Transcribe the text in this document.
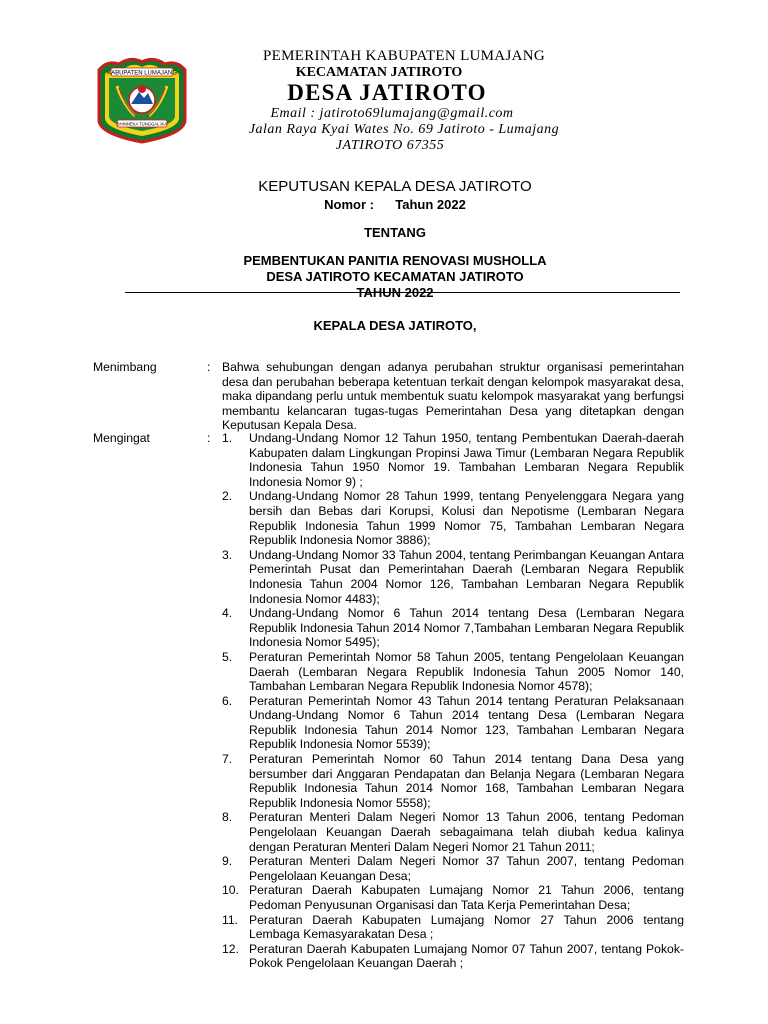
KABUPATEN LUMAJANG
BHINNEKA TUNGGAL IKA
PEMERINTAH KABUPATEN LUMAJANG
KECAMATAN JATIROTO
DESA JATIROTO
Email : jatiroto69lumajang@gmail.com
Jalan Raya Kyai Wates No. 69 Jatiroto - Lumajang
JATIROTO 67355
KEPUTUSAN KEPALA DESA JATIROTO
Nomor : Tahun 2022
TENTANG
PEMBENTUKAN PANITIA RENOVASI MUSHOLLA
DESA JATIROTO KECAMATAN JATIROTO
TAHUN 2022
KEPALA DESA JATIROTO,
Menimbang	: Bahwa sehubungan dengan adanya perubahan struktur organisasi pemerintahan desa dan perubahan beberapa ketentuan terkait dengan kelompok masyarakat desa, maka dipandang perlu untuk membentuk suatu kelompok masyarakat yang berfungsi membantu kelancaran tugas-tugas Pemerintahan Desa yang ditetapkan dengan Keputusan Kepala Desa.
Mengingat	: 1. Undang-Undang Nomor 12 Tahun 1950, tentang Pembentukan Daerah-daerah Kabupaten dalam Lingkungan Propinsi Jawa Timur (Lembaran Negara Republik Indonesia Tahun 1950 Nomor 19. Tambahan Lembaran Negara Republik Indonesia Nomor 9) ;
2. Undang-Undang Nomor 28 Tahun 1999, tentang Penyelenggara Negara yang bersih dan Bebas dari Korupsi, Kolusi dan Nepotisme (Lembaran Negara Republik Indonesia Tahun 1999 Nomor 75, Tambahan Lembaran Negara Republik Indonesia Nomor 3886);
3. Undang-Undang Nomor 33 Tahun 2004, tentang Perimbangan Keuangan Antara Pemerintah Pusat dan Pemerintahan Daerah (Lembaran Negara Republik Indonesia Tahun 2004 Nomor 126, Tambahan Lembaran Negara Republik Indonesia Nomor 4483);
4. Undang-Undang Nomor 6 Tahun 2014 tentang Desa (Lembaran Negara Republik Indonesia Tahun 2014 Nomor 7,Tambahan Lembaran Negara Republik Indonesia Nomor 5495);
5. Peraturan Pemerintah Nomor 58 Tahun 2005, tentang Pengelolaan Keuangan Daerah (Lembaran Negara Republik Indonesia Tahun 2005 Nomor 140, Tambahan Lembaran Negara Republik Indonesia Nomor 4578);
6. Peraturan Pemerintah Nomor 43 Tahun 2014 tentang Peraturan Pelaksanaan Undang-Undang Nomor 6 Tahun 2014 tentang Desa (Lembaran Negara Republik Indonesia Tahun 2014 Nomor 123, Tambahan Lembaran Negara Republik Indonesia Nomor 5539);
7. Peraturan Pemerintah Nomor 60 Tahun 2014 tentang Dana Desa yang bersumber dari Anggaran Pendapatan dan Belanja Negara (Lembaran Negara Republik Indonesia Tahun 2014 Nomor 168, Tambahan Lembaran Negara Republik Indonesia Nomor 5558);
8. Peraturan Menteri Dalam Negeri Nomor 13 Tahun 2006, tentang Pedoman Pengelolaan Keuangan Daerah sebagaimana telah diubah kedua kalinya dengan Peraturan Menteri Dalam Negeri Nomor 21 Tahun 2011;
9. Peraturan Menteri Dalam Negeri Nomor 37 Tahun 2007, tentang Pedoman Pengelolaan Keuangan Desa;
10. Peraturan Daerah Kabupaten Lumajang Nomor 21 Tahun 2006, tentang Pedoman Penyusunan Organisasi dan Tata Kerja Pemerintahan Desa;
11. Peraturan Daerah Kabupaten Lumajang Nomor 27 Tahun 2006 tentang Lembaga Kemasyarakatan Desa ;
12. Peraturan Daerah Kabupaten Lumajang Nomor 07 Tahun 2007, tentang Pokok-Pokok Pengelolaan Keuangan Daerah ;
